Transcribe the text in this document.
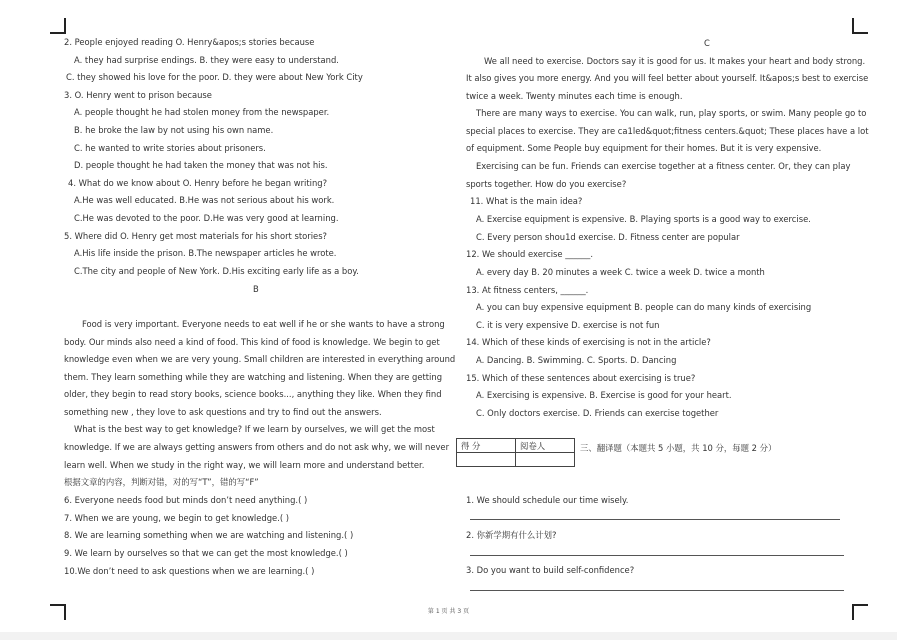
2. People enjoyed reading O. Henry&apos;s stories because
A. they had surprise endings. B. they were easy to understand.
C. they showed his love for the poor. D. they were about New York City
3. O. Henry went to prison because
A. people thought he had stolen money from the newspaper.
B. he broke the law by not using his own name.
C. he wanted to write stories about prisoners.
D. people thought he had taken the money that was not his.
4. What do we know about O. Henry before he began writing?
A.He was well educated. B.He was not serious about his work.
C.He was devoted to the poor. D.He was very good at learning.
5. Where did O. Henry get most materials for his short stories?
A.His life inside the prison. B.The newspaper articles he wrote.
C.The city and people of New York. D.His exciting early life as a boy.
B
Food is very important. Everyone needs to eat well if he or she wants to have a strong
body. Our minds also need a kind of food. This kind of food is knowledge. We begin to get
knowledge even when we are very young. Small children are interested in everything around
them. They learn something while they are watching and listening. When they are getting
older, they begin to read story books, science books..., anything they like. When they find
something new , they love to ask questions and try to find out the answers.
What is the best way to get knowledge? If we learn by ourselves, we will get the most
knowledge. If we are always getting answers from others and do not ask why, we will never
learn well. When we study in the right way, we will learn more and understand better.
根据文章的内容，判断对错，对的写“T”，错的写“F”
6. Everyone needs food but minds don’t need anything.( )
7. When we are young, we begin to get knowledge.( )
8. We are learning something when we are watching and listening.( )
9. We learn by ourselves so that we can get the most knowledge.( )
10.We don’t need to ask questions when we are learning.( )
C
We all need to exercise. Doctors say it is good for us. It makes your heart and body strong.
It also gives you more energy. And you will feel better about yourself. It&apos;s best to exercise
twice a week. Twenty minutes each time is enough.
There are many ways to exercise. You can walk, run, play sports, or swim. Many people go to
special places to exercise. They are ca1led&quot;fitness centers.&quot; These places have a lot
of equipment. Some People buy equipment for their homes. But it is very expensive.
Exercising can be fun. Friends can exercise together at a fitness center. Or, they can play
sports together. How do you exercise?
11. What is the main idea?
A. Exercise equipment is expensive. B. Playing sports is a good way to exercise.
C. Every person shou1d exercise. D. Fitness center are popular
12. We should exercise ______.
A. every day B. 20 minutes a week C. twice a week D. twice a month
13. At fitness centers, ______.
A. you can buy expensive equipment B. people can do many kinds of exercising
C. it is very expensive D. exercise is not fun
14. Which of these kinds of exercising is not in the article?
A. Dancing. B. Swimming. C. Sports. D. Dancing
15. Which of these sentences about exercising is true?
A. Exercising is expensive. B. Exercise is good for your heart.
C. Only doctors exercise. D. Friends can exercise together
得 分	阅卷人
		三、翻译题（本题共 5 小题，共 10 分，每题 2 分）
1. We should schedule our time wisely.
2. 你新学期有什么计划?
3. Do you want to build self-confidence?
第 1 页 共 3 页
